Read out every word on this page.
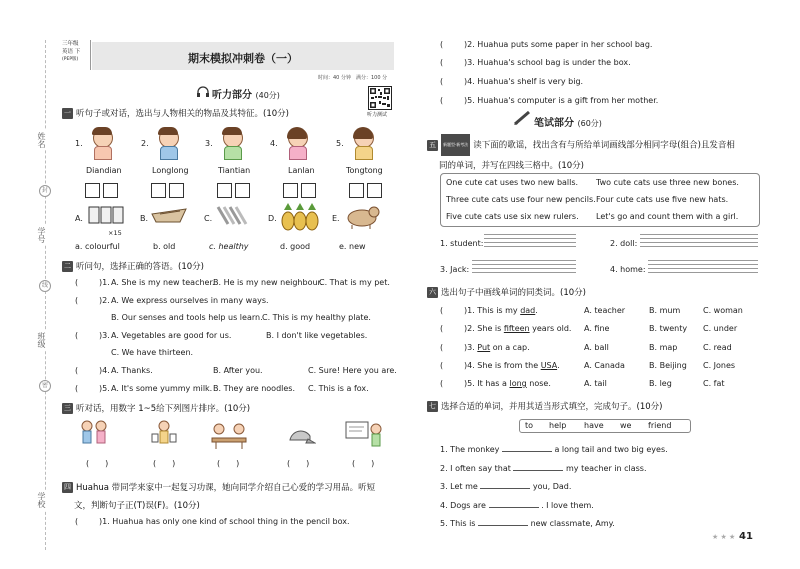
姓名
封
学号
线
班级
密
学校
三年级
英语 下
(PEP版)	期末模拟冲刺卷（一）
时间：40 分钟　满分：100 分
听力测试
听力部分 (40分)
一 听句子或对话，选出与人物相关的物品及其特征。(10分)
1.
Diandian
2.
Longlong
3.
Tiantian
4.
Lanlan
5.
Tongtong
A.
×15
B.	C.	D.	E.
a. colourful	b. old	c. healthy	d. good	e. new
二 听问句，选择正确的答语。(10分)
(	)1. A. She is my new teacher.
B. He is my new neighbour.
C. That is my pet.
(	)2. A. We express ourselves in many ways.
B. Our senses and tools help us learn. C. This is my healthy plate.
(	)3. A. Vegetables are good for us.	B. I don't like vegetables.
C. We have thirteen.
(	)4. A. Thanks.	B. After you.	C. Sure! Here you are.
(	)5. A. It's some yummy milk. B. They are noodles. C. This is a fox.
三 听对话，用数字 1~5给下列图片排序。(10分)
(　　)	(　　)	(　　)	(　　)	(　　)
四 Huahua 带同学来家中一起复习功课，她向同学介绍自己心爱的学习用品。听短
文，判断句子正(T)误(F)。(10分)
(	)1. Huahua has only one kind of school thing in the pencil box.
(	)2. Huahua puts some paper in her school bag.
(	)3. Huahua's school bag is under the box.
(	)4. Huahua's shelf is very big.
(	)5. Huahua's computer is a gift from her mother.
笔试部分 (60分)
五 新题型·新考法 读下面的歌谣，找出含有与所给单词画线部分相同字母(组合)且发音相
同的单词，并写在四线三格中。(10分)
One cute cat uses two new balls. Two cute cats use three new bones.
Three cute cats use four new pencils. Four cute cats use five new hats.
Five cute cats use six new rulers. Let's go and count them with a girl.
1. student:	2. doll:
3. Jack:	4. home:
六 选出句子中画线单词的同类词。(10分)
(	)1. This is my dad.	A. teacher	B. mum	C. woman
(	)2. She is fifteen years old. A. fine	B. twenty C. under
(	)3. Put on a cap.	A. ball	B. map	C. read
(	)4. She is from the USA.	A. Canada	B. Beijing C. Jones
(	)5. It has a long nose.	A. tail	B. leg	C. fat
七 选择合适的单词，并用其适当形式填空，完成句子。(10分)
to help have we friend
1. The monkey	a long tail and two big eyes.
2. I often say that	my teacher in class.
3. Let me	you, Dad.
4. Dogs are	. I love them.
5. This is	new classmate, Amy.
★ ★ ★ 41
